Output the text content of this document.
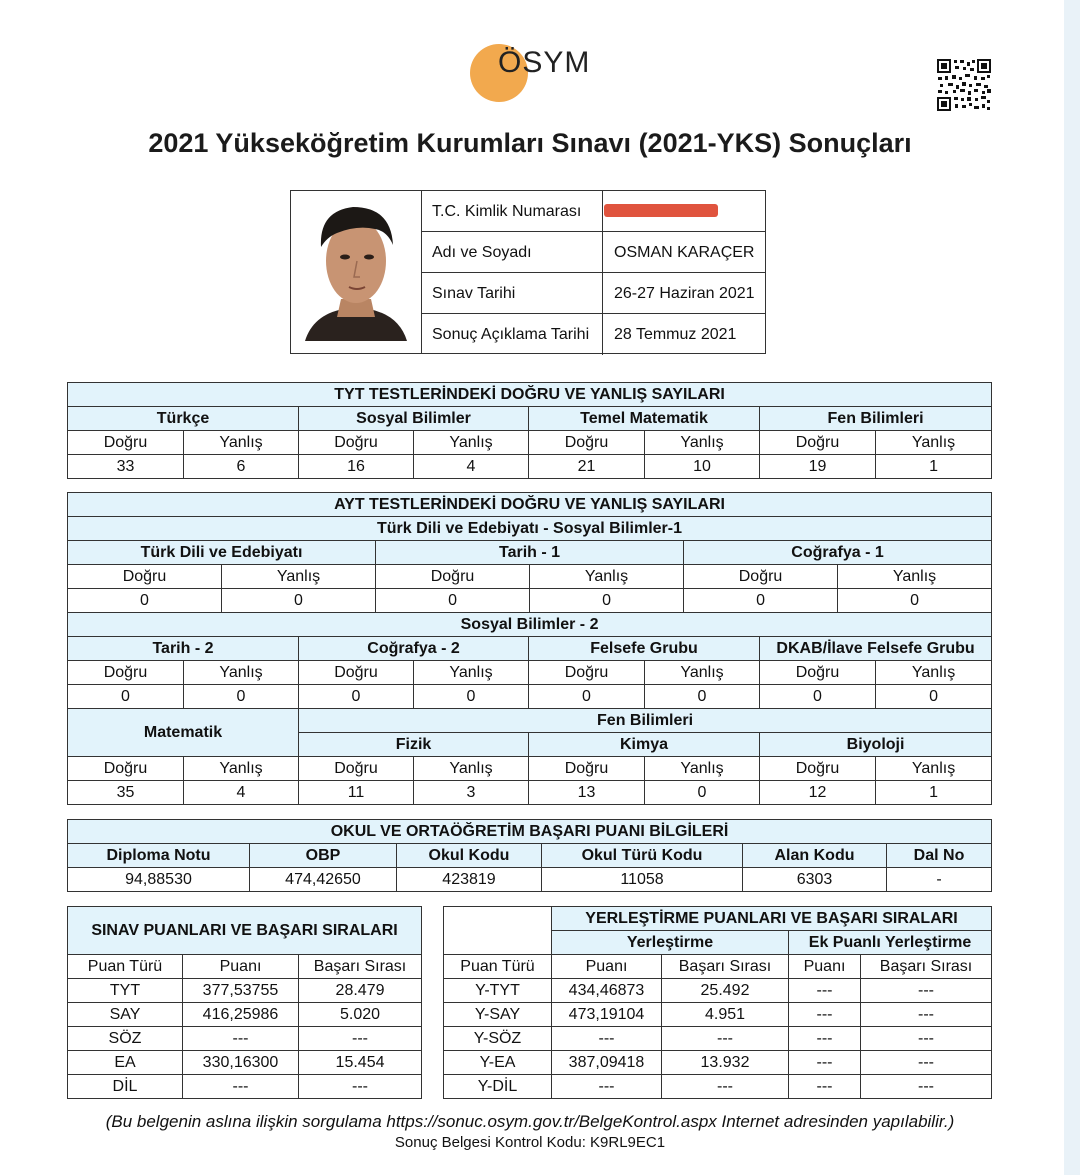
ÖSYM
2021 Yükseköğretim Kurumları Sınavı (2021-YKS) Sonuçları
T.C. Kimlik Numarası
Adı ve Soyadı	OSMAN KARAÇER
Sınav Tarihi	26-27 Haziran 2021
Sonuç Açıklama Tarihi	28 Temmuz 2021
TYT TESTLERİNDEKİ DOĞRU VE YANLIŞ SAYILARI							
Türkçe		Sosyal Bilimler		Temel Matematik		Fen Bilimleri	
Doğru	Yanlış	Doğru	Yanlış	Doğru	Yanlış	Doğru	Yanlış
33	6	16	4	21	10	19	1
AYT TESTLERİNDEKİ DOĞRU VE YANLIŞ SAYILARI
Türk Dili ve Edebiyatı - Sosyal Bilimler-1
Türk Dili ve Edebiyatı		Tarih - 1		Coğrafya - 1	
Doğru	Yanlış	Doğru	Yanlış	Doğru	Yanlış
0	0	0	0	0	0
Sosyal Bilimler - 2							
Tarih - 2		Coğrafya - 2		Felsefe Grubu		DKAB/İlave Felsefe Grubu	
Doğru	Yanlış	Doğru	Yanlış	Doğru	Yanlış	Doğru	Yanlış
0	0	0	0	0	0	0	0
Matematik		Fen Bilimleri					
		Fizik		Kimya		Biyoloji	
Doğru	Yanlış	Doğru	Yanlış	Doğru	Yanlış	Doğru	Yanlış
35	4	11	3	13	0	12	1
OKUL VE ORTAÖĞRETİM BAŞARI PUANI BİLGİLERİ					
Diploma Notu	OBP	Okul Kodu	Okul Türü Kodu	Alan Kodu	Dal No
94,88530	474,42650	423819	11058	6303	-
SINAV PUANLARI VE BAŞARI SIRALARI		
Puan Türü	Puanı	Başarı Sırası
TYT	377,53755	28.479
SAY	416,25986	5.020
SÖZ	---	---
EA	330,16300	15.454
DİL	---	---
	YERLEŞTİRME PUANLARI VE BAŞARI SIRALARI			
	Yerleştirme		Ek Puanlı Yerleştirme	
Puan Türü	Puanı	Başarı Sırası	Puanı	Başarı Sırası
Y-TYT	434,46873	25.492	---	---
Y-SAY	473,19104	4.951	---	---
Y-SÖZ	---	---	---	---
Y-EA	387,09418	13.932	---	---
Y-DİL	---	---	---	---
(Bu belgenin aslına ilişkin sorgulama https://sonuc.osym.gov.tr/BelgeKontrol.aspx Internet adresinden yapılabilir.)
Sonuç Belgesi Kontrol Kodu: K9RL9EC1
